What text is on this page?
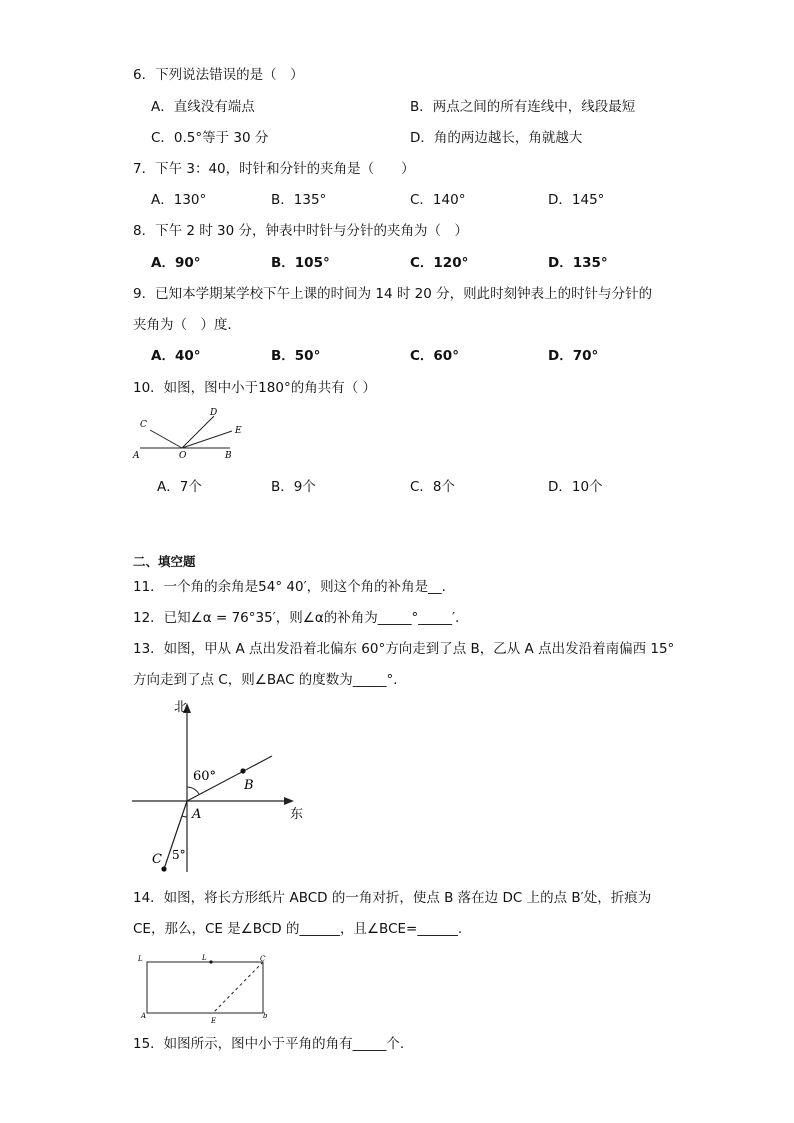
6．下列说法错误的是（　）
A．直线没有端点	B．两点之间的所有连线中，线段最短
C．0.5°等于 30 分	D．角的两边越长，角就越大
7．下午 3：40，时针和分针的夹角是（　　）
A．130°	B．135°	C．140°	D．145°
8．下午 2 时 30 分，钟表中时针与分针的夹角为（　）
A．90°	B．105°	C．120°	D．135°
9．已知本学期某学校下午上课的时间为 14 时 20 分，则此时刻钟表上的时针与分针的
夹角为（　）度．
A．40°	B．50°	C．60°	D．70°
10．如图，图中小于180°的角共有（ ）
C
D
E
A	O	B
A．7个	B．9个	C．8个	D．10个
二、填空题
11．一个角的余角是54° 40′，则这个角的补角是__.
12．已知∠α = 76°35′，则∠α的补角为_____°_____′.
13．如图，甲从 A 点出发沿着北偏东 60°方向走到了点 B，乙从 A 点出发沿着南偏西 15°
方向走到了点 C，则∠BAC 的度数为_____°.
北
东
60°
5°
A
B
C
14．如图，将长方形纸片 ABCD 的一角对折，使点 B 落在边 DC 上的点 B′处，折痕为
CE，那么，CE 是∠BCD 的______，且∠BCE=______.
L	L	C
A
E
b
15．如图所示，图中小于平角的角有_____个.
